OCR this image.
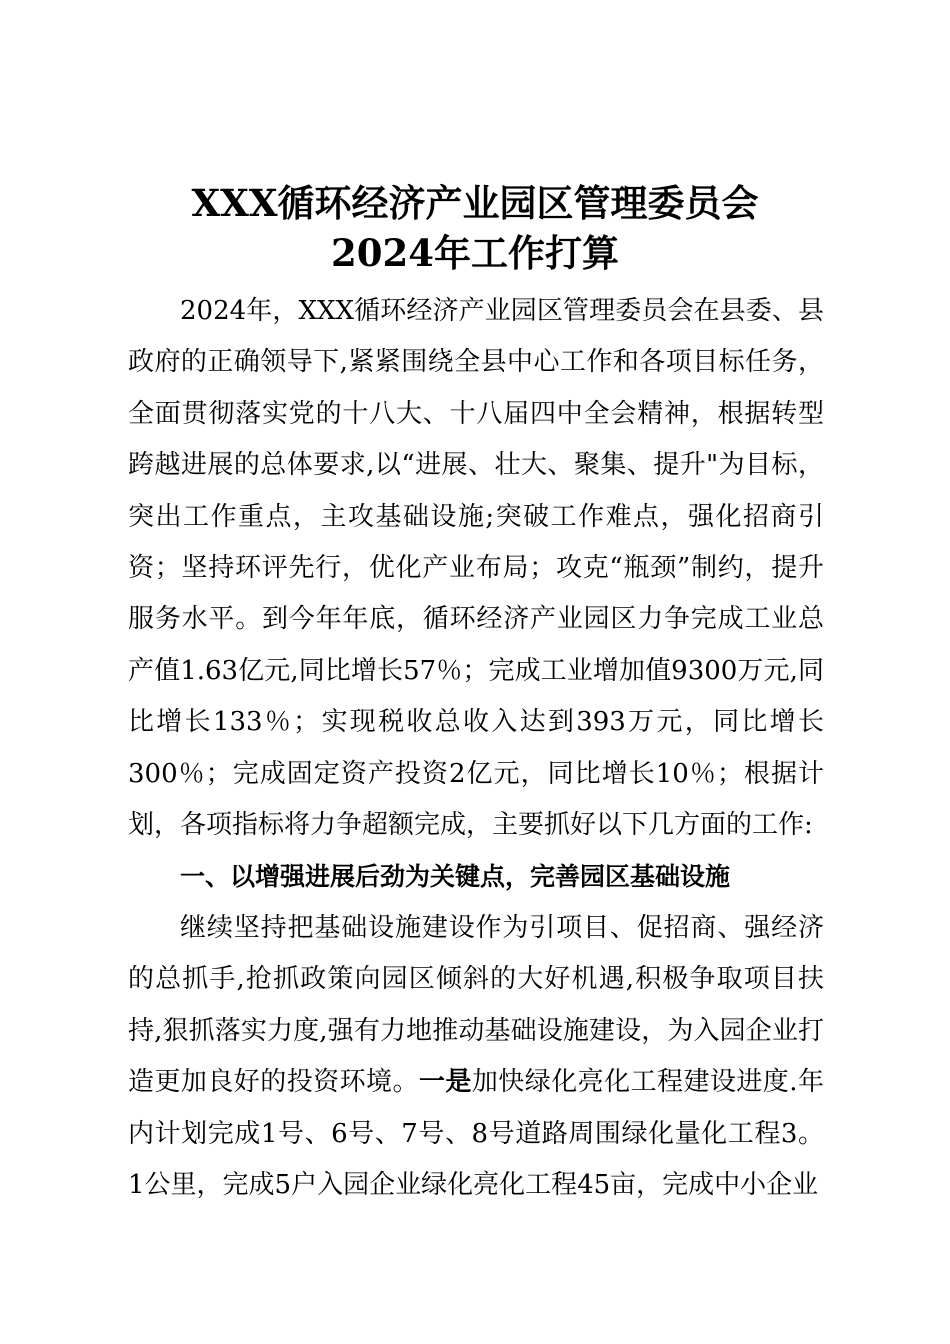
XXX循环经济产业园区管理委员会
2024年工作打算

2024年，XXX循环经济产业园区管理委员会在县委、县政府的正确领导下,紧紧围绕全县中心工作和各项目标任务，全面贯彻落实党的十八大、十八届四中全会精神，根据转型跨越进展的总体要求,以“进展、壮大、聚集、提升"为目标，突出工作重点，主攻基础设施;突破工作难点，强化招商引资；坚持环评先行，优化产业布局；攻克“瓶颈”制约，提升服务水平。到今年年底，循环经济产业园区力争完成工业总产值1.63亿元,同比增长57％；完成工业增加值9300万元,同比增长133％；实现税收总收入达到393万元，同比增长300％；完成固定资产投资2亿元，同比增长10％；根据计划，各项指标将力争超额完成，主要抓好以下几方面的工作:

一、以增强进展后劲为关键点，完善园区基础设施

继续坚持把基础设施建设作为引项目、促招商、强经济的总抓手,抢抓政策向园区倾斜的大好机遇,积极争取项目扶持,狠抓落实力度,强有力地推动基础设施建设，为入园企业打造更加良好的投资环境。一是加快绿化亮化工程建设进度.年内计划完成1号、6号、7号、8号道路周围绿化量化工程3。1公里，完成5户入园企业绿化亮化工程45亩，完成中小企业
